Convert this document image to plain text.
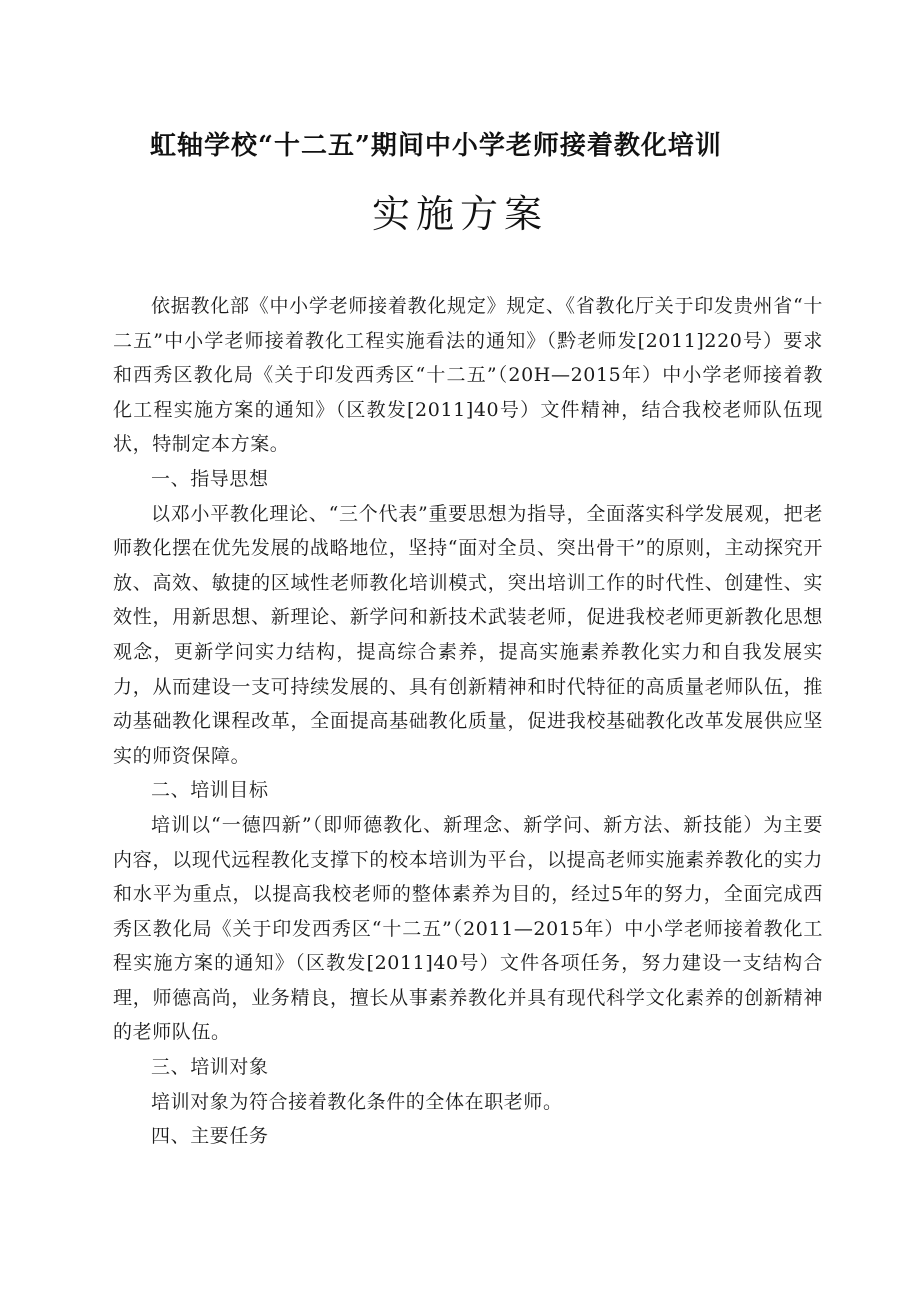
虹轴学校“十二五”期间中小学老师接着教化培训
实施方案

依据教化部《中小学老师接着教化规定》规定、《省教化厅关于印发贵州省“十二五”中小学老师接着教化工程实施看法的通知》（黔老师发[2011]220号）要求和西秀区教化局《关于印发西秀区“十二五”（20H—2015年）中小学老师接着教化工程实施方案的通知》（区教发[2011]40号）文件精神，结合我校老师队伍现状，特制定本方案。

一、指导思想

以邓小平教化理论、“三个代表”重要思想为指导，全面落实科学发展观，把老师教化摆在优先发展的战略地位，坚持“面对全员、突出骨干”的原则，主动探究开放、高效、敏捷的区域性老师教化培训模式，突出培训工作的时代性、创建性、实效性，用新思想、新理论、新学问和新技术武装老师，促进我校老师更新教化思想观念，更新学问实力结构，提高综合素养，提高实施素养教化实力和自我发展实力，从而建设一支可持续发展的、具有创新精神和时代特征的高质量老师队伍，推动基础教化课程改革，全面提高基础教化质量，促进我校基础教化改革发展供应坚实的师资保障。

二、培训目标

培训以“一德四新”（即师德教化、新理念、新学问、新方法、新技能）为主要内容，以现代远程教化支撑下的校本培训为平台，以提高老师实施素养教化的实力和水平为重点，以提高我校老师的整体素养为目的，经过5年的努力，全面完成西秀区教化局《关于印发西秀区“十二五”（2011—2015年）中小学老师接着教化工程实施方案的通知》（区教发[2011]40号）文件各项任务，努力建设一支结构合理，师德高尚，业务精良，擅长从事素养教化并具有现代科学文化素养的创新精神的老师队伍。

三、培训对象

培训对象为符合接着教化条件的全体在职老师。

四、主要任务
